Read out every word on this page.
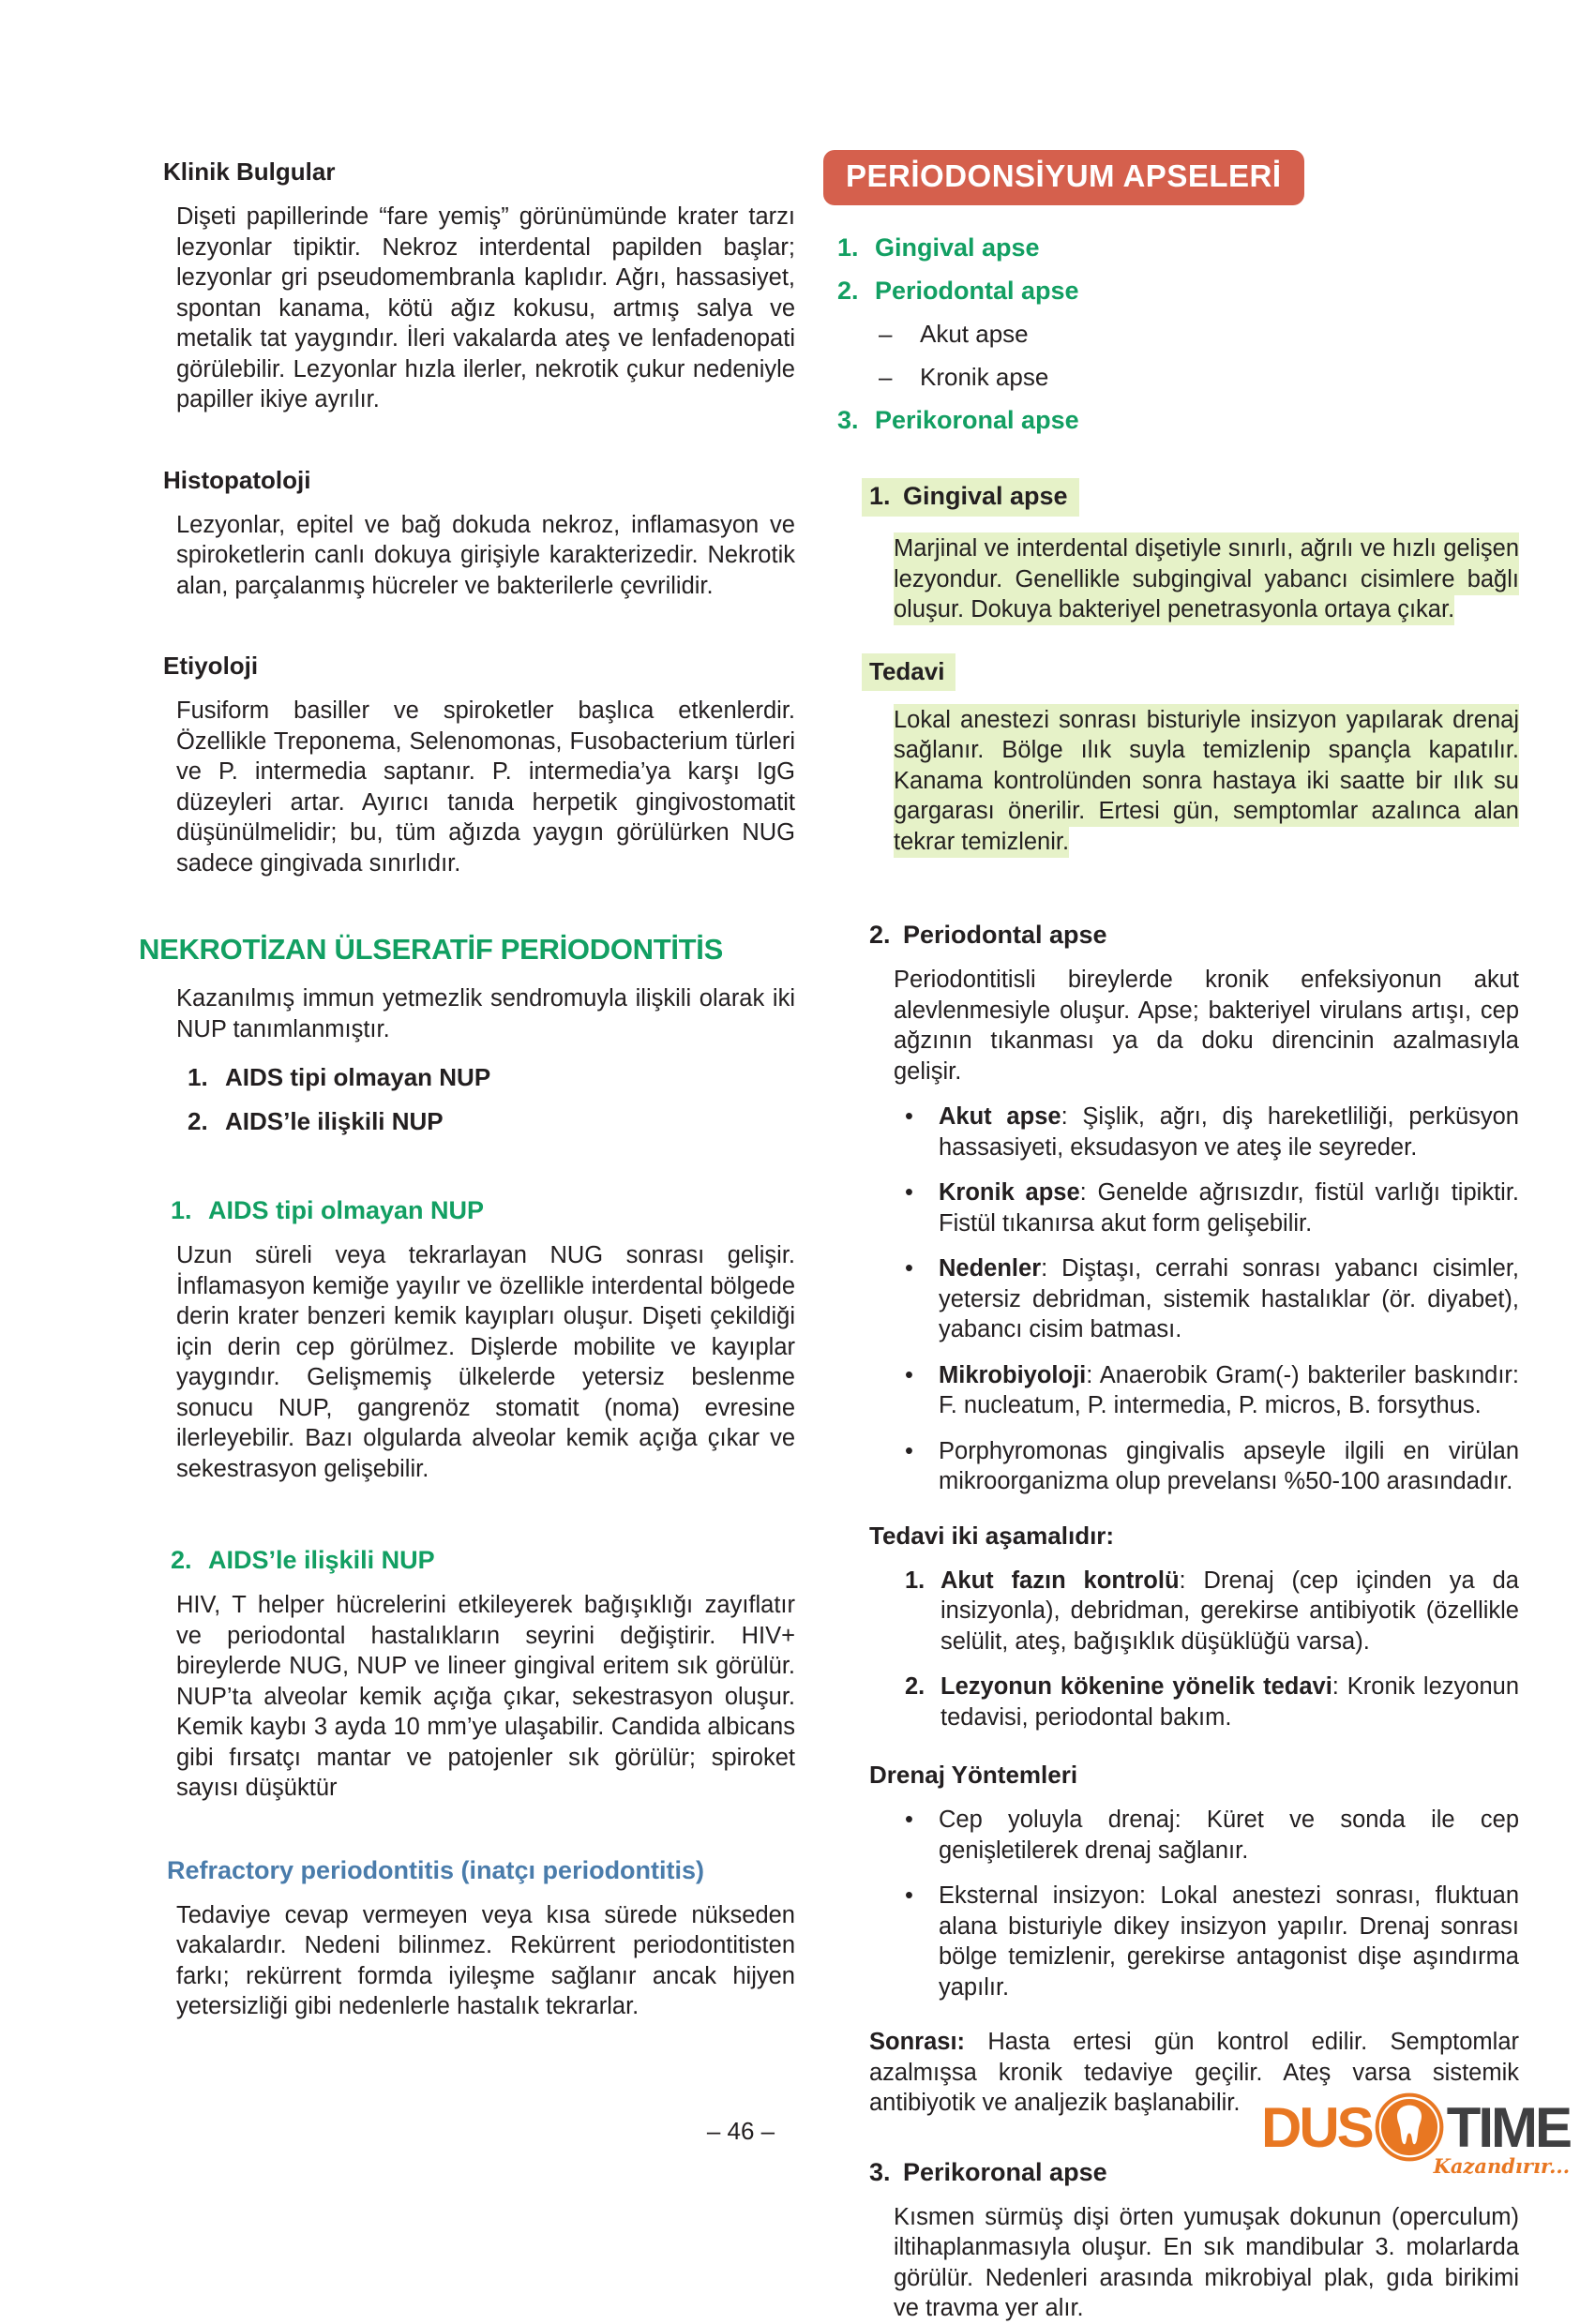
Klinik Bulgular
Dişeti papillerinde “fare yemiş” görünümünde krater tarzı lezyonlar tipiktir. Nekroz interdental papilden başlar; lezyonlar gri pseudomembranla kaplıdır. Ağrı, hassasiyet, spontan kanama, kötü ağız kokusu, artmış salya ve metalik tat yaygındır. İleri vakalarda ateş ve lenfadenopati görülebilir. Lezyonlar hızla ilerler, nekrotik çukur nedeniyle papiller ikiye ayrılır.
Histopatoloji
Lezyonlar, epitel ve bağ dokuda nekroz, inflamasyon ve spiroketlerin canlı dokuya girişiyle karakterizedir. Nekrotik alan, parçalanmış hücreler ve bakterilerle çevrilidir.
Etiyoloji
Fusiform basiller ve spiroketler başlıca etkenlerdir. Özellikle Treponema, Selenomonas, Fusobacterium türleri ve P. intermedia saptanır. P. intermedia’ya karşı IgG düzeyleri artar. Ayırıcı tanıda herpetik gingivostomatit düşünülmelidir; bu, tüm ağızda yaygın görülürken NUG sadece gingivada sınırlıdır.
NEKROTİZAN ÜLSERATİF PERİODONTİTİS
Kazanılmış immun yetmezlik sendromuyla ilişkili olarak iki NUP tanımlanmıştır.
1. AIDS tipi olmayan NUP
2. AIDS’le ilişkili NUP
1. AIDS tipi olmayan NUP
Uzun süreli veya tekrarlayan NUG sonrası gelişir. İnflamasyon kemiğe yayılır ve özellikle interdental bölgede derin krater benzeri kemik kayıpları oluşur. Dişeti çekildiği için derin cep görülmez. Dişlerde mobilite ve kayıplar yaygındır. Gelişmemiş ülkelerde yetersiz beslenme sonucu NUP, gangrenöz stomatit (noma) evresine ilerleyebilir. Bazı olgularda alveolar kemik açığa çıkar ve sekestrasyon gelişebilir.
2. AIDS’le ilişkili NUP
HIV, T helper hücrelerini etkileyerek bağışıklığı zayıflatır ve periodontal hastalıkların seyrini değiştirir. HIV+ bireylerde NUG, NUP ve lineer gingival eritem sık görülür. NUP’ta alveolar kemik açığa çıkar, sekestrasyon oluşur. Kemik kaybı 3 ayda 10 mm’ye ulaşabilir. Candida albicans gibi fırsatçı mantar ve patojenler sık görülür; spiroket sayısı düşüktür
Refractory periodontitis (inatçı periodontitis)
Tedaviye cevap vermeyen veya kısa sürede nükseden vakalardır. Nedeni bilinmez. Rekürrent periodontitisten farkı; rekürrent formda iyileşme sağlanır ancak hijyen yetersizliği gibi nedenlerle hastalık tekrarlar.
PERİODONSİYUM APSELERİ
1. Gingival apse
2. Periodontal apse
–	Akut apse
–	Kronik apse
3. Perikoronal apse
1. Gingival apse
Marjinal ve interdental dişetiyle sınırlı, ağrılı ve hızlı gelişen lezyondur. Genellikle subgingival yabancı cisimlere bağlı oluşur. Dokuya bakteriyel penetrasyonla ortaya çıkar.
Tedavi
Lokal anestezi sonrası bisturiyle insizyon yapılarak drenaj sağlanır. Bölge ılık suyla temizlenip spançla kapatılır. Kanama kontrolünden sonra hastaya iki saatte bir ılık su gargarası önerilir. Ertesi gün, semptomlar azalınca alan tekrar temizlenir.
2. Periodontal apse
Periodontitisli bireylerde kronik enfeksiyonun akut alevlenmesiyle oluşur. Apse; bakteriyel virulans artışı, cep ağzının tıkanması ya da doku direncinin azalmasıyla gelişir.
•	Akut apse: Şişlik, ağrı, diş hareketliliği, perküsyon hassasiyeti, eksudasyon ve ateş ile seyreder.
•	Kronik apse: Genelde ağrısızdır, fistül varlığı tipiktir. Fistül tıkanırsa akut form gelişebilir.
•	Nedenler: Diştaşı, cerrahi sonrası yabancı cisimler, yetersiz debridman, sistemik hastalıklar (ör. diyabet), yabancı cisim batması.
•	Mikrobiyoloji: Anaerobik Gram(-) bakteriler baskındır: F. nucleatum, P. intermedia, P. micros, B. forsythus.
•	Porphyromonas gingivalis apseyle ilgili en virülan mikroorganizma olup prevelansı %50-100 arasındadır.
Tedavi iki aşamalıdır:
1. Akut fazın kontrolü: Drenaj (cep içinden ya da insizyonla), debridman, gerekirse antibiyotik (özellikle selülit, ateş, bağışıklık düşüklüğü varsa).
2. Lezyonun kökenine yönelik tedavi: Kronik lezyonun tedavisi, periodontal bakım.
Drenaj Yöntemleri
•	Cep yoluyla drenaj: Küret ve sonda ile cep genişletilerek drenaj sağlanır.
•	Eksternal insizyon: Lokal anestezi sonrası, fluktuan alana bisturiyle dikey insizyon yapılır. Drenaj sonrası bölge temizlenir, gerekirse antagonist dişe aşındırma yapılır.
Sonrası: Hasta ertesi gün kontrol edilir. Semptomlar azalmışsa kronik tedaviye geçilir. Ateş varsa sistemik antibiyotik ve analjezik başlanabilir.
3. Perikoronal apse
Kısmen sürmüş dişi örten yumuşak dokunun (operculum) iltihaplanmasıyla oluşur. En sık mandibular 3. molarlarda görülür. Nedenleri arasında mikrobiyal plak, gıda birikimi ve travma yer alır.
– 46 –	DUS TIME
Kazandırır...
